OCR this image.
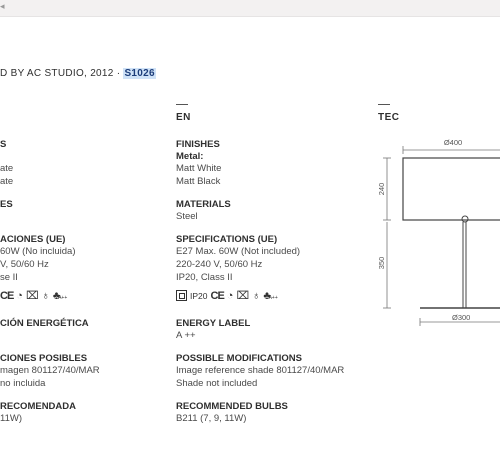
◂
D BY AC STUDIO, 2012 · S1026
S
ate
ate
ES
ACIONES (UE)
60W (No incluida)
V, 50/60 Hz
se II
CE ◔ ⌧ ♁ ♣A++
CIÓN ENERGÉTICA
CIONES POSIBLES
magen 801127/40/MAR
no incluida
RECOMENDADA
11W)
EN
FINISHES
Metal:
Matt White
Matt Black
MATERIALS
Steel
SPECIFICATIONS (UE)
E27 Max. 60W (Not included)
220-240 V, 50/60 Hz
IP20, Class II
IP20 CE ◔ ⌧ ♁ ♣A++
ENERGY LABEL
A ++
POSSIBLE MODIFICATIONS
Image reference shade 801127/40/MAR
Shade not included
RECOMMENDED BULBS
B211 (7, 9, 11W)
TEC
Ø400
240
350
Ø300
